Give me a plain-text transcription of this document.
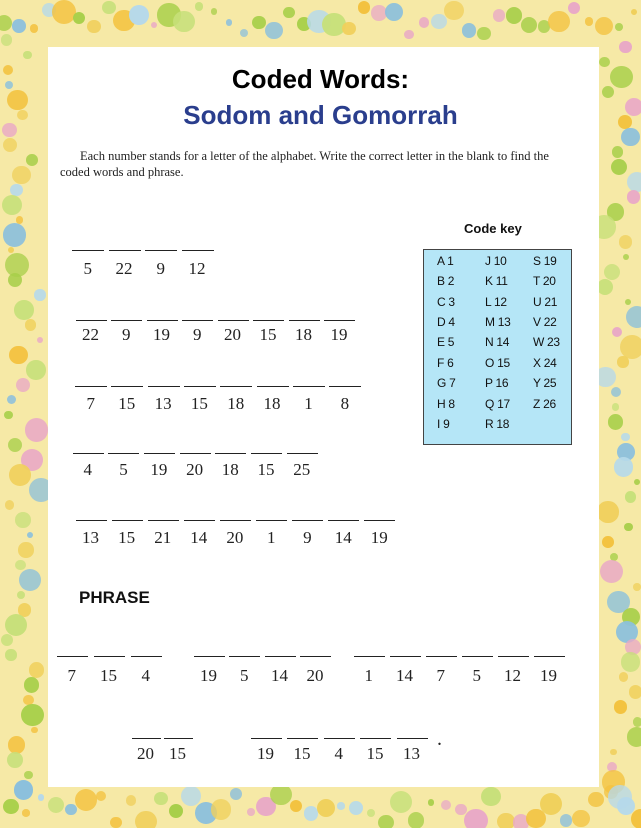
Coded Words:
Sodom and Gomorrah
Each number stands for a letter of the alphabet. Write the correct letter in the blank to find the coded words and phrase.
Code key
A 1
B 2
C 3
D 4
E 5
F 6
G 7
H 8
I 9
J 10
K 11
L 12
M 13
N 14
O 15
P 16
Q 17
R 18
S 19
T 20
U 21
V 22
W 23
X 24
Y 25
Z 26
5 22 9 12
22 9 19 9 20 15 18 19
7 15 13 15 18 18 1 8
4 5 19 20 18 15 25
13 15 21 14 20 1 9 14 19
7 15 4	19 5 14 20 1 14 7 5 12 19
20 15	19 15 4 15 13
PHRASE
.
